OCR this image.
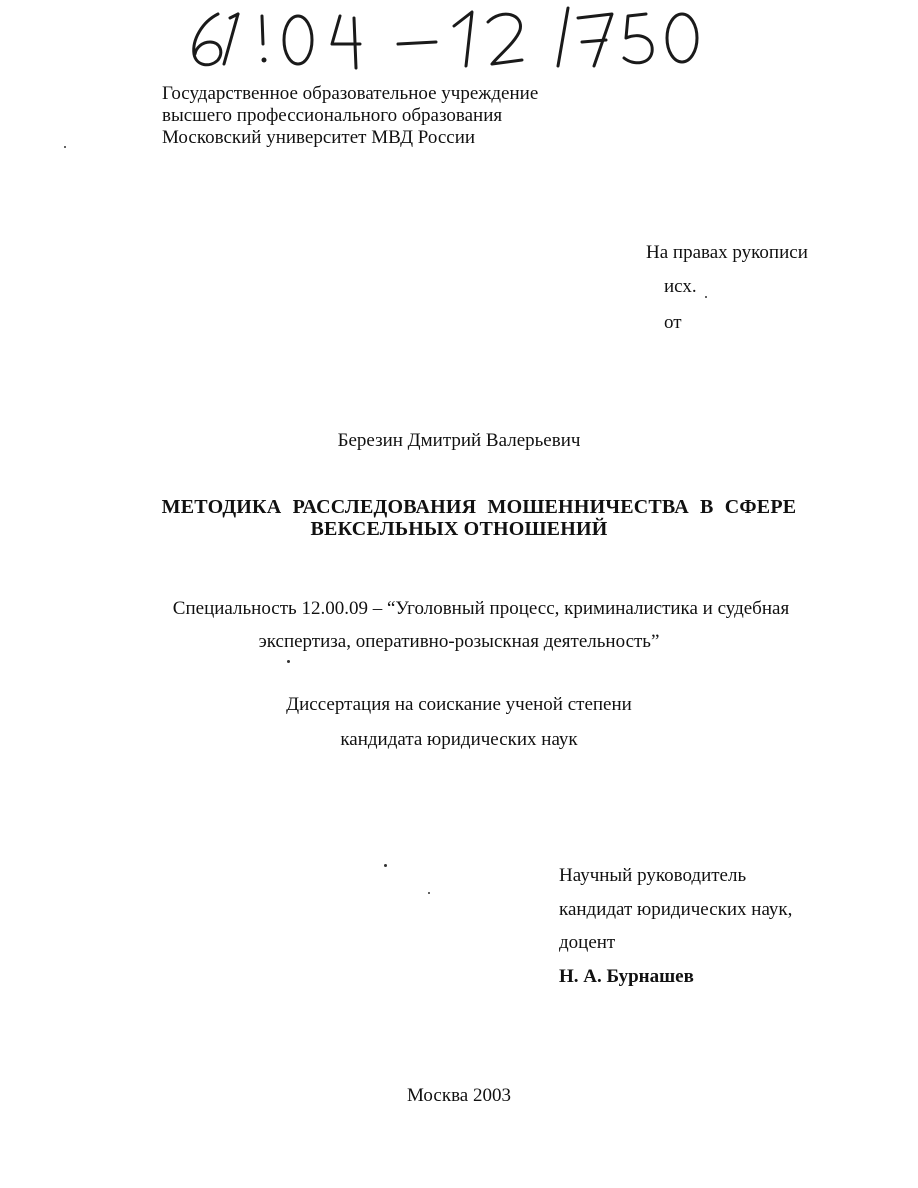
Государственное образовательное учреждение
высшего профессионального образования
Московский университет МВД России
На правах рукописи
исх.
от
Березин Дмитрий Валерьевич
МЕТОДИКА РАССЛЕДОВАНИЯ МОШЕННИЧЕСТВА В СФЕРЕ
ВЕКСЕЛЬНЫХ ОТНОШЕНИЙ
Специальность 12.00.09 – “Уголовный процесс, криминалистика и судебная
экспертиза, оперативно-розыскная деятельность”
Диссертация на соискание ученой степени
кандидата юридических наук
Научный руководитель
кандидат юридических наук,
доцент
Н. А. Бурнашев
Москва 2003
